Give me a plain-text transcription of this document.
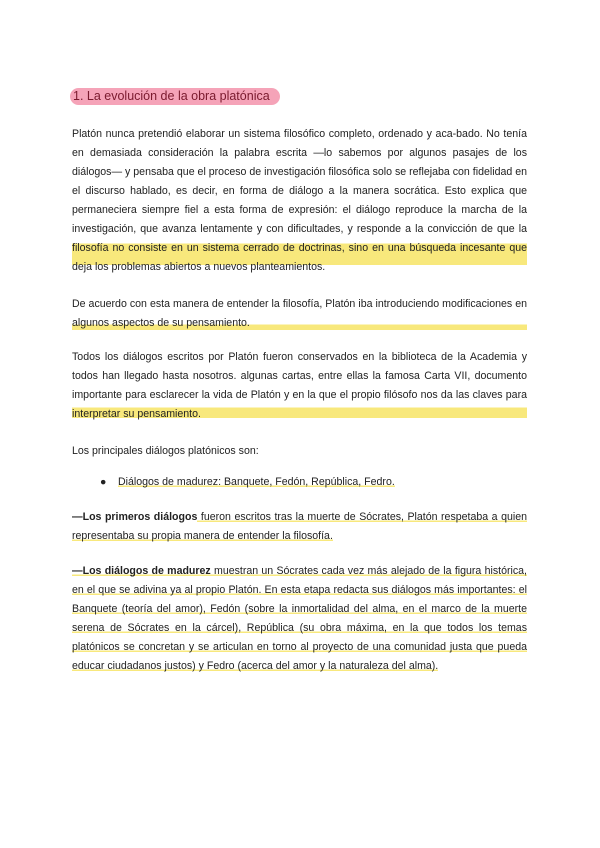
1. La evolución de la obra platónica

Platón nunca pretendió elaborar un sistema filosófico completo, ordenado y aca-bado. No tenía en demasiada consideración la palabra escrita —lo sabemos por algunos pasajes de los diálogos— y pensaba que el proceso de investigación filosófica solo se reflejaba con fidelidad en el discurso hablado, es decir, en forma de diálogo a la manera socrática. Esto explica que permaneciera siempre fiel a esta forma de expresión: el diálogo reproduce la marcha de la investigación, que avanza lentamente y con dificultades, y responde a la convicción de que la filosofía no consiste en un sistema cerrado de doctrinas, sino en una búsqueda incesante que deja los problemas abiertos a nuevos planteamientos.

De acuerdo con esta manera de entender la filosofía, Platón iba introduciendo modificaciones en algunos aspectos de su pensamiento.

Todos los diálogos escritos por Platón fueron conservados en la biblioteca de la Academia y todos han llegado hasta nosotros. algunas cartas, entre ellas la famosa Carta VII, documento importante para esclarecer la vida de Platón y en la que el propio filósofo nos da las claves para interpretar su pensamiento.

Los principales diálogos platónicos son:

● Diálogos de madurez: Banquete, Fedón, República, Fedro.

—Los primeros diálogos fueron escritos tras la muerte de Sócrates, Platón respetaba a quien representaba su propia manera de entender la filosofía.

—Los diálogos de madurez muestran un Sócrates cada vez más alejado de la figura histórica, en el que se adivina ya al propio Platón. En esta etapa redacta sus diálogos más importantes: el Banquete (teoría del amor), Fedón (sobre la inmortalidad del alma, en el marco de la muerte serena de Sócrates en la cárcel), República (su obra máxima, en la que todos los temas platónicos se concretan y se articulan en torno al proyecto de una comunidad justa que pueda educar ciudadanos justos) y Fedro (acerca del amor y la naturaleza del alma).
